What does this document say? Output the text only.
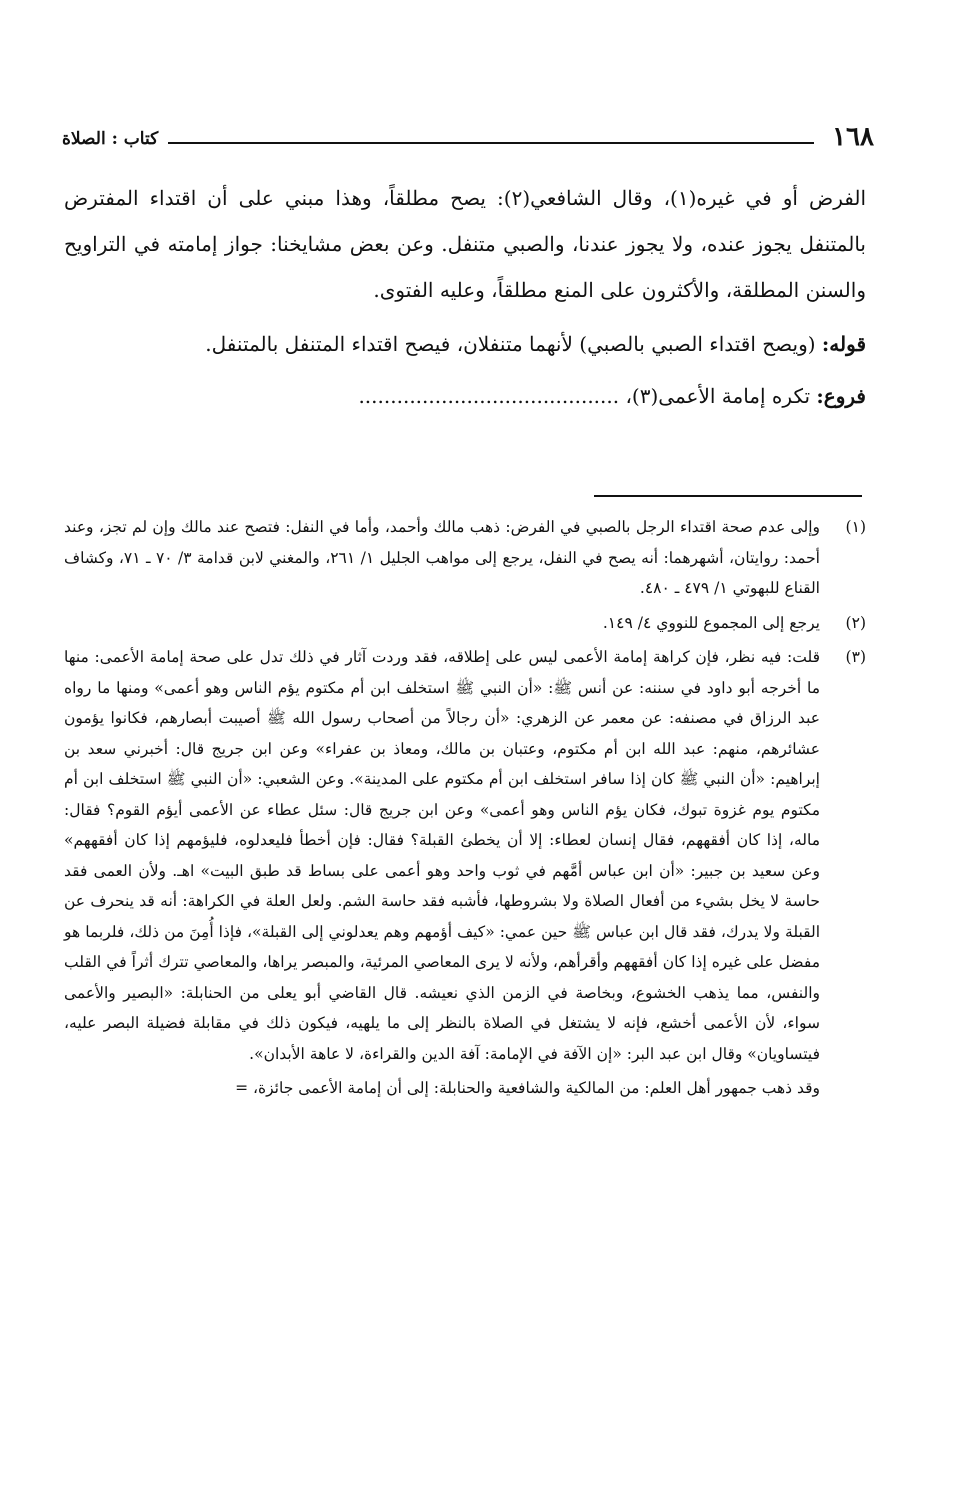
١٦٨
كتاب : الصلاة

الفرض أو في غيره(١)، وقال الشافعي(٢): يصح مطلقاً، وهذا مبني على أن اقتداء المفترض بالمتنفل يجوز عنده، ولا يجوز عندنا، والصبي متنفل. وعن بعض مشايخنا: جواز إمامته في التراويح والسنن المطلقة، والأكثرون على المنع مطلقاً، وعليه الفتوى.

قوله: (ويصح اقتداء الصبي بالصبي) لأنهما متنفلان، فيصح اقتداء المتنفل بالمتنفل.

فروع: تكره إمامة الأعمى(٣)، .........................................

(١)
وإلى عدم صحة اقتداء الرجل بالصبي في الفرض: ذهب مالك وأحمد، وأما في النفل: فتصح عند مالك وإن لم تجز، وعند أحمد: روايتان، أشهرهما: أنه يصح في النفل، يرجع إلى مواهب الجليل ١/ ٢٦١، والمغني لابن قدامة ٣/ ٧٠ ـ ٧١، وكشاف القناع للبهوتي ١/ ٤٧٩ ـ ٤٨٠.
(٢)
يرجع إلى المجموع للنووي ٤/ ١٤٩.
(٣)
قلت: فيه نظر، فإن كراهة إمامة الأعمى ليس على إطلاقه، فقد وردت آثار في ذلك تدل على صحة إمامة الأعمى: منها ما أخرجه أبو داود في سننه: عن أنس ﷺ: «أن النبي ﷺ استخلف ابن أم مكتوم يؤم الناس وهو أعمى» ومنها ما رواه عبد الرزاق في مصنفه: عن معمر عن الزهري: «أن رجالاً من أصحاب رسول الله ﷺ أصيبت أبصارهم، فكانوا يؤمون عشائرهم، منهم: عبد الله ابن أم مكتوم، وعتبان بن مالك، ومعاذ بن عفراء» وعن ابن جريج قال: أخبرني سعد بن إبراهيم: «أن النبي ﷺ كان إذا سافر استخلف ابن أم مكتوم على المدينة». وعن الشعبي: «أن النبي ﷺ استخلف ابن أم مكتوم يوم غزوة تبوك، فكان يؤم الناس وهو أعمى» وعن ابن جريج قال: سئل عطاء عن الأعمى أيؤم القوم؟ فقال: ماله، إذا كان أفقههم، فقال إنسان لعطاء: إلا أن يخطئ القبلة؟ فقال: فإن أخطأ فليعدلوه، فليؤمهم إذا كان أفقههم» وعن سعيد بن جبير: «أن ابن عباس أمَّهم في ثوب واحد وهو أعمى على بساط قد طبق البيت» اهـ. ولأن العمى فقد حاسة لا يخل بشيء من أفعال الصلاة ولا بشروطها، فأشبه فقد حاسة الشم. ولعل العلة في الكراهة: أنه قد ينحرف عن القبلة ولا يدرك، فقد قال ابن عباس ﷺ حين عمي: «كيف أؤمهم وهم يعدلوني إلى القبلة»، فإذا أُمِنَ من ذلك، فلربما هو مفضل على غيره إذا كان أفقههم وأقرأهم، ولأنه لا يرى المعاصي المرئية، والمبصر يراها، والمعاصي تترك أثراً في القلب والنفس، مما يذهب الخشوع، وبخاصة في الزمن الذي نعيشه. قال القاضي أبو يعلى من الحنابلة: «البصير والأعمى سواء، لأن الأعمى أخشع، فإنه لا يشتغل في الصلاة بالنظر إلى ما يلهيه، فيكون ذلك في مقابلة فضيلة البصر عليه، فيتساويان» وقال ابن عبد البر: «إن الآفة في الإمامة: آفة الدين والقراءة، لا عاهة الأبدان».
وقد ذهب جمهور أهل العلم: من المالكية والشافعية والحنابلة: إلى أن إمامة الأعمى جائزة، =
